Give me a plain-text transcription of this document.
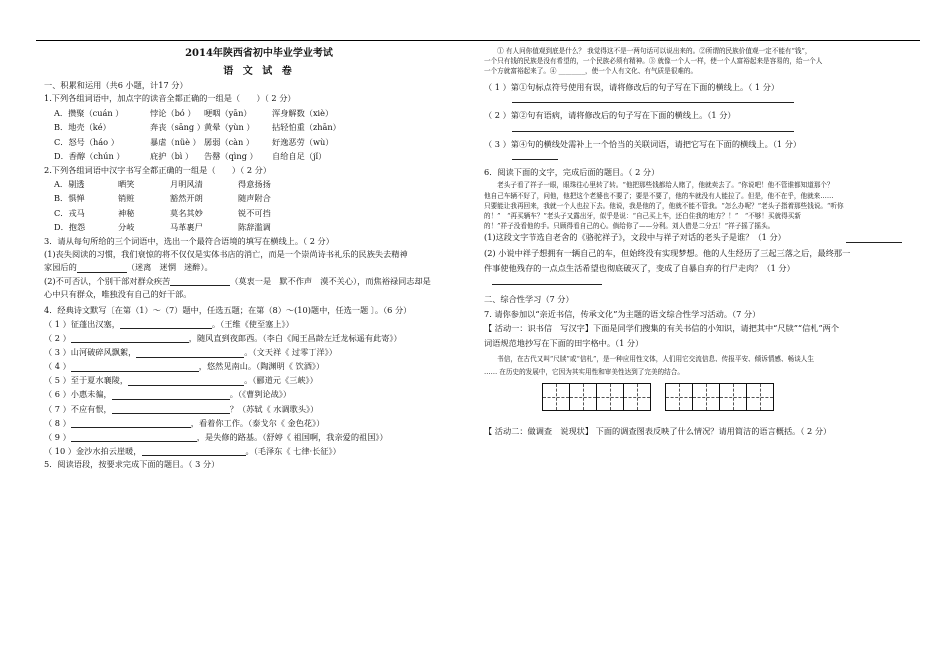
2014年陕西省初中毕业学业考试
语 文 试 卷

一、积累和运用（共6 小题，计17 分）

1.下列各组词语中，加点字的读音全都正确的一组是（　　）（ 2 分）

A．攒聚（cuán ）	悖论（bó ）	哽咽（yān）	浑身解数（xiè）
B．地壳（ké）	奔丧（sāng ） 黄晕（yùn ）	拈轻怕重（zhān）
C．怒号（háo ）	暴虐（nüè ） 孱弱（càn ）	好逸恶劳（wù）
D．香醇（chún ）	庇护（bì ）	告罄（qìng ）	自给自足（jǐ）

2.下列各组词语中汉字书写全都正确的一组是（　　）（ 2 分）

A．剔透	晒笑	月明风清	得意扬扬
B．惧惮	销赃	豁然开朗	随声附合
C．戎马	神秘	莫名其妙	锐不可挡
D．抱怨	分岐	马革裹尸	陈辞滥调

3．请从每句所给的三个词语中，选出一个最符合语境的填写在横线上。（ 2 分）

(1)丧失阅读的习惯，我们衰惊的将不仅仅是实体书店的消亡，而是一个崇尚诗书礼乐的民族失去精神

家园后的	（迷离　迷惘　迷醉）。

(2)不可否认，个别干部对群众疾苦	（莫衷一是　默不作声　漠不关心），而焦裕禄同志却是

心中只有群众，唯独没有自己的好干部。

4．经典诗文默写〔在第（1）～（7）题中，任选五题；在第（8）～(10)题中，任选一题 〕。（6 分）

（ 1 ）征蓬出汉塞，	。（王维《使至塞上》）

（ 2 ）	，随风直到夜郎西。（李白《闻王昌龄左迁龙标遥有此寄》）

（ 3 ）山河破碎风飘絮，	。（文天祥《 过零丁洋》）

（ 4 ）	，悠然见南山。（陶渊明《 饮酒》）

（ 5 ）至于夏水襄陵，	。（郦道元《三峡》）

（ 6 ）小惠未徧，	。（《曹刿论战》）

（ 7 ）不应有恨，	？（苏轼《 水调歌头》）

（ 8 ）	，看着你工作。（泰戈尔《 金色花》）

（ 9 ）	，是失修的路基。（舒婷《 祖国啊，我亲爱的祖国》）

（ 10 ）金沙水拍云崖暖，	。（毛泽东《 七律·长征》）

5．阅读语段，按要求完成下面的题目。（ 3 分）

　　① 有人问你值观到底是什么？ 我觉得这不是一两句话可以说出来的。②所谓的民族价值观一定不能有“钱”，

一个只有钱的民族是没有希望的，一个民族必须有精神。③ 就像一个人一样，使一个人富裕起来是容易的，给一个人

一个方就富裕起来了。④ ________，使一个人有文化、有气质是很难的。

（ 1 ）第①句标点符号使用有误，请将修改后的句子写在下面的横线上。（ 1 分）

（ 2 ）第②句有语病，请将修改后的句子写在下面的横线上。（1 分）

（ 3 ）第④句的横线处需补上一个恰当的关联词语，请把它写在下面的横线上。（1 分）

6．阅读下面的文字，完成后面的题目。（ 2 分）

　　老头子看了祥子一眼，眼珠往心里转了转。“他把那些钱都给人赌了，他就卖去了。“你说吧！他不管谁都知道那个？

他自己车辆不好了，问他，他把这个老婆也不要了；要是不要了，他的车就没有人能拉了。但是，他不在乎，他就来……

只要能让我再回来，我就一个人也拉下去。他说，我是他的了，他就不能不管我。“怎么办呢？”老头子指着那些钱说。“听你

的！”　“再买辆车？”老头子又露出牙，似乎是说：“自己买上车，还白住我的地方？！”　“不够！买就得买新

的！”祥子没看他的手。只顾得看自己的心。倘给你了——分利。刘人借是二分五！”祥子摇了摇头。

(1)这段文字节选自老舍的《骆驼祥子》，文段中与祥子对话的老头子是谁？（1 分）

(2) 小说中祥子想拥有一辆自己的车，但始终没有实现梦想。他的人生经历了三起三落之后，最终那一

件事使他残存的一点点生活希望也彻底破灭了，变成了自暴自弃的行尸走肉？（1 分）

二、综合性学习（7 分）

7. 请你参加以“亲近书信，传承文化”为主题的语文综合性学习活动。（7 分）

【 活动一：识书信　写汉字】下面是同学们搜集的有关书信的小知识，请把其中“尺牍”“信札”两个

词语规范地抄写在下面的田字格中。（1 分）

　　书信，在古代又叫“尺牍”或“信札”，是一种应用性文体，人们用它交流信息、传报平安、倾诉情感、畅谈人生

…… 在历史的发展中，它因为其实用性和审美性达到了完美的结合。

【 活动二：做调查　说现状】 下面的调查图表反映了什么情况？请用简洁的语言概括。（ 2 分）
